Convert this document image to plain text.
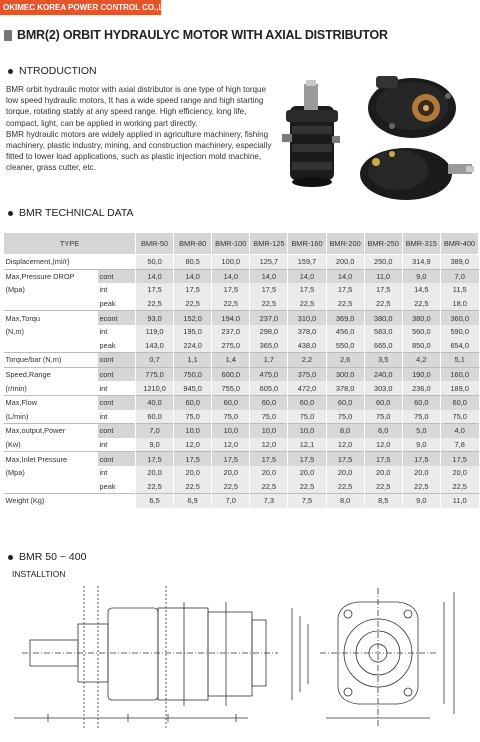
OKIMEC KOREA POWER CONTROL CO.,LTD.
BMR(2) ORBIT HYDRAULYC MOTOR WITH AXIAL DISTRIBUTOR
NTRODUCTION

BMR orbit hydraulic motor with axial distributor is one type of high torque low speed hydraulic motors, It has a wide speed range and high starting torque, rotating stably at any speed range. High efficiency, long life, compact, light, can be applied in working part directly.

BMR hydraulic motors are widely applied in agriculture machinery, fishing machinery, plastic industry, mining, and construction machinery, especially fitted to lower load applications, such as plastic injection mold machine, cleaner, grass cutter, etc.

BMR TECHNICAL DATA
TYPE		BMR-50	BMR-80	BMR-100	BMR-125	BMR-160	BMR-200	BMR-250	BMR-315	BMR-400
Displacement,(ml/r)		50,0	80,5	100,0	125,7	159,7	200,0	250,0	314,9	389,0
Max,Pressure DROP	cont	14,0	14,0	14,0	14,0	14,0	14,0	11,0	9,0	7,0
(Mpa)	int	17,5	17,5	17,5	17,5	17,5	17,5	17,5	14,5	11,5
	peak	22,5	22,5	22,5	22,5	22,5	22,5	22,5	22,5	18,0
Max,Torqu	econt	93,0	152,0	194,0	237,0	310,0	369,0	380,0	380,0	360,0
(N,m)	int	119,0	195,0	237,0	298,0	378,0	456,0	583,0	560,0	590,0
	peak	143,0	224,0	275,0	365,0	438,0	550,0	665,0	850,0	654,0
Torque/bar (N,m)	cont	0,7	1,1	1,4	1,7	2,2	2,6	3,5	4,2	5,1
Speed,Range	cont	775,0	750,0	600,0	475,0	375,0	300,0	240,0	190,0	160,0
(r/min)	int	1210,0	945,0	755,0	605,0	472,0	378,0	303,0	236,0	189,0
Max,Flow	cont	40,0	60,0	60,0	60,0	60,0	60,0	60,0	60,0	60,0
(L/min)	int	60,0	75,0	75,0	75,0	75,0	75,0	75,0	75,0	75,0
Max,output,Power	cont	7,0	10,0	10,0	10,0	10,0	8,0	6,0	5,0	4,0
(Kw)	int	9,0	12,0	12,0	12,0	12,1	12,0	12,0	9,0	7,8
Max,Inlet Pressure	cont	17,5	17,5	17,5	17,5	17,5	17,5	17,5	17,5	17,5
(Mpa)	int	20,0	20,0	20,0	20,0	20,0	20,0	20,0	20,0	20,0
	peak	22,5	22,5	22,5	22,5	22,5	22,5	22,5	22,5	22,5
Weight (Kg)		6,5	6,9	7,0	7,3	7,5	8,0	8,5	9,0	11,0
BMR 50 ~ 400
INSTALLTION
